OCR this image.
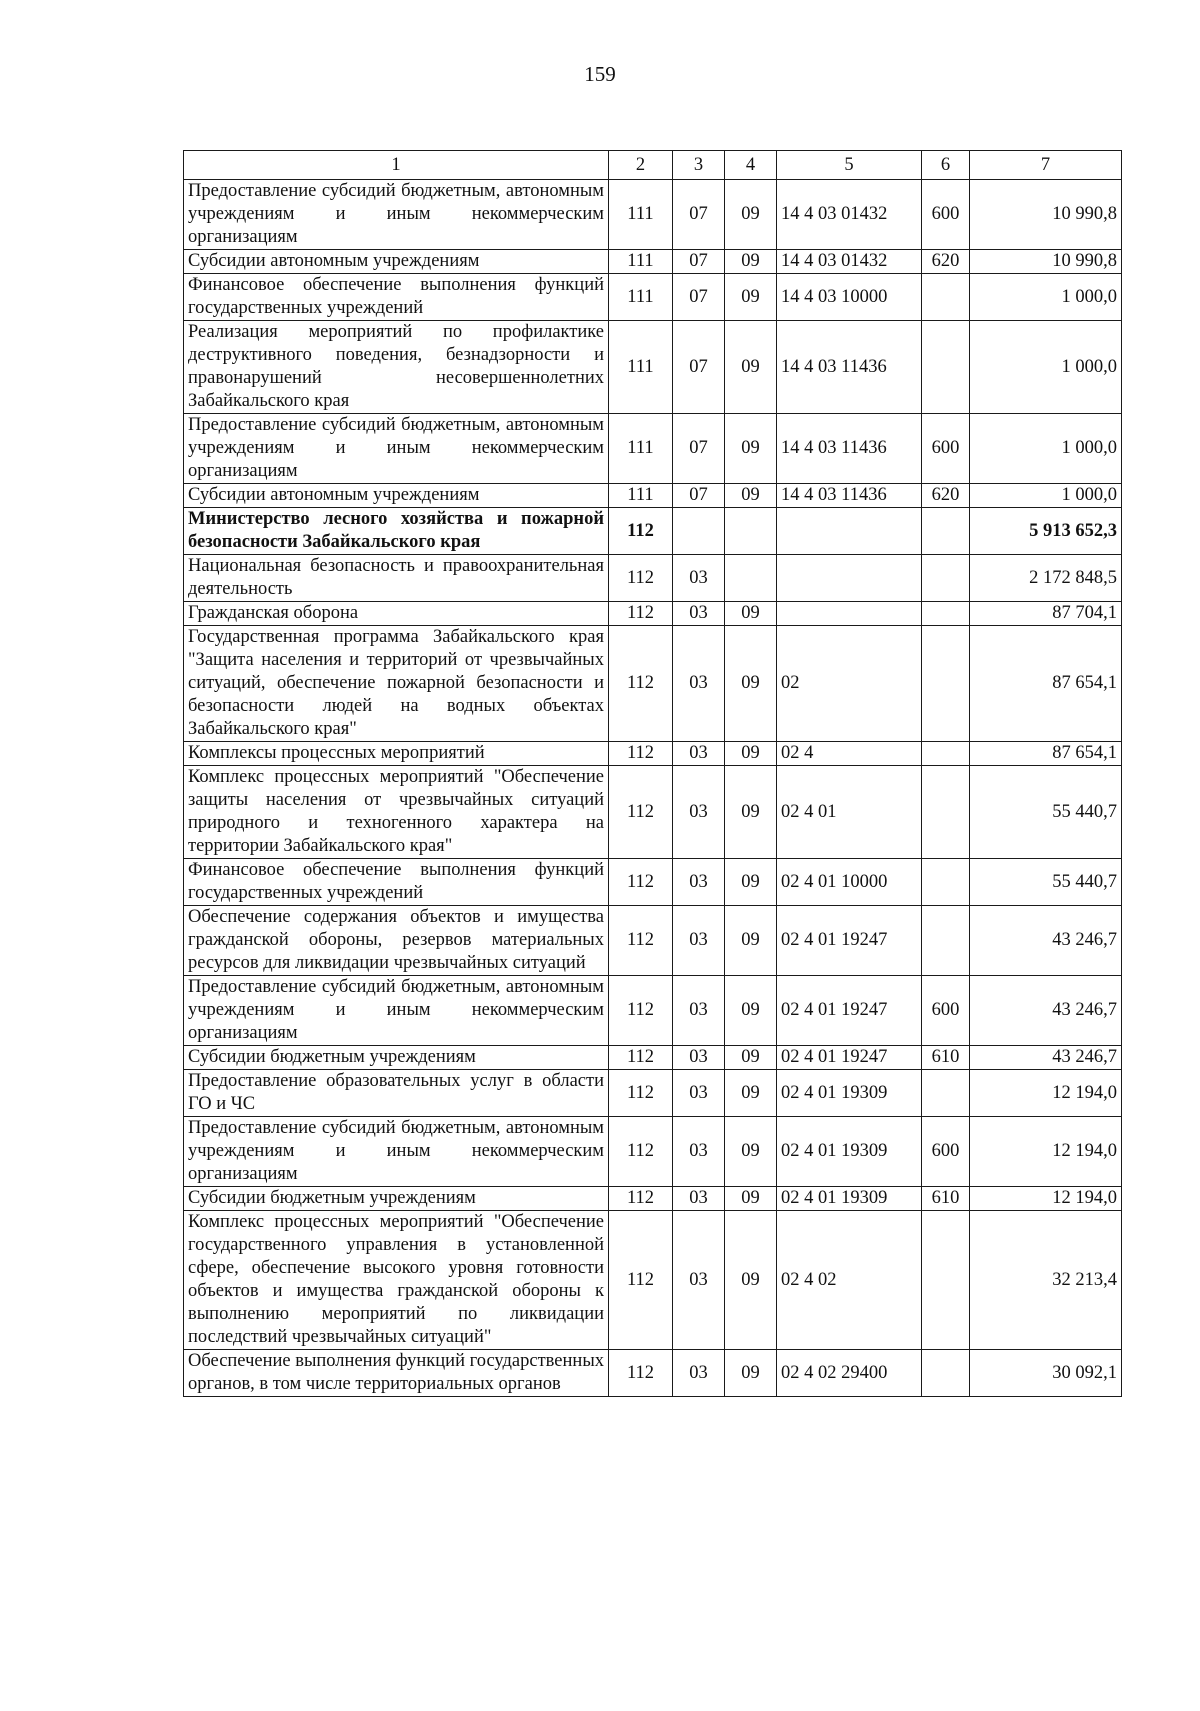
159
1	2	3	4	5	6	7
Предоставление субсидий бюджетным, автономным учреждениям и иным некоммерческим организациям	111	07	09	14 4 03 01432	600	10 990,8
Субсидии автономным учреждениям	111	07	09	14 4 03 01432	620	10 990,8
Финансовое обеспечение выполнения функций государственных учреждений	111	07	09	14 4 03 10000		1 000,0
Реализация мероприятий по профилактике деструктивного поведения, безнадзорности и правонарушений несовершеннолетних Забайкальского края	111	07	09	14 4 03 11436		1 000,0
Предоставление субсидий бюджетным, автономным учреждениям и иным некоммерческим организациям	111	07	09	14 4 03 11436	600	1 000,0
Субсидии автономным учреждениям	111	07	09	14 4 03 11436	620	1 000,0
Министерство лесного хозяйства и пожарной безопасности Забайкальского края	112					5 913 652,3
Национальная безопасность и правоохранительная деятельность	112	03				2 172 848,5
Гражданская оборона	112	03	09			87 704,1
Государственная программа Забайкальского края "Защита населения и территорий от чрезвычайных ситуаций, обеспечение пожарной безопасности и безопасности людей на водных объектах Забайкальского края"	112	03	09	02		87 654,1
Комплексы процессных мероприятий	112	03	09	02 4		87 654,1
Комплекс процессных мероприятий "Обеспечение защиты населения от чрезвычайных ситуаций природного и техногенного характера на территории Забайкальского края"	112	03	09	02 4 01		55 440,7
Финансовое обеспечение выполнения функций государственных учреждений	112	03	09	02 4 01 10000		55 440,7
Обеспечение содержания объектов и имущества гражданской обороны, резервов материальных ресурсов для ликвидации чрезвычайных ситуаций	112	03	09	02 4 01 19247		43 246,7
Предоставление субсидий бюджетным, автономным учреждениям и иным некоммерческим организациям	112	03	09	02 4 01 19247	600	43 246,7
Субсидии бюджетным учреждениям	112	03	09	02 4 01 19247	610	43 246,7
Предоставление образовательных услуг в области ГО и ЧС	112	03	09	02 4 01 19309		12 194,0
Предоставление субсидий бюджетным, автономным учреждениям и иным некоммерческим организациям	112	03	09	02 4 01 19309	600	12 194,0
Субсидии бюджетным учреждениям	112	03	09	02 4 01 19309	610	12 194,0
Комплекс процессных мероприятий "Обеспечение государственного управления в установленной сфере, обеспечение высокого уровня готовности объектов и имущества гражданской обороны к выполнению мероприятий по ликвидации последствий чрезвычайных ситуаций"	112	03	09	02 4 02		32 213,4
Обеспечение выполнения функций государственных органов, в том числе территориальных органов	112	03	09	02 4 02 29400		30 092,1
